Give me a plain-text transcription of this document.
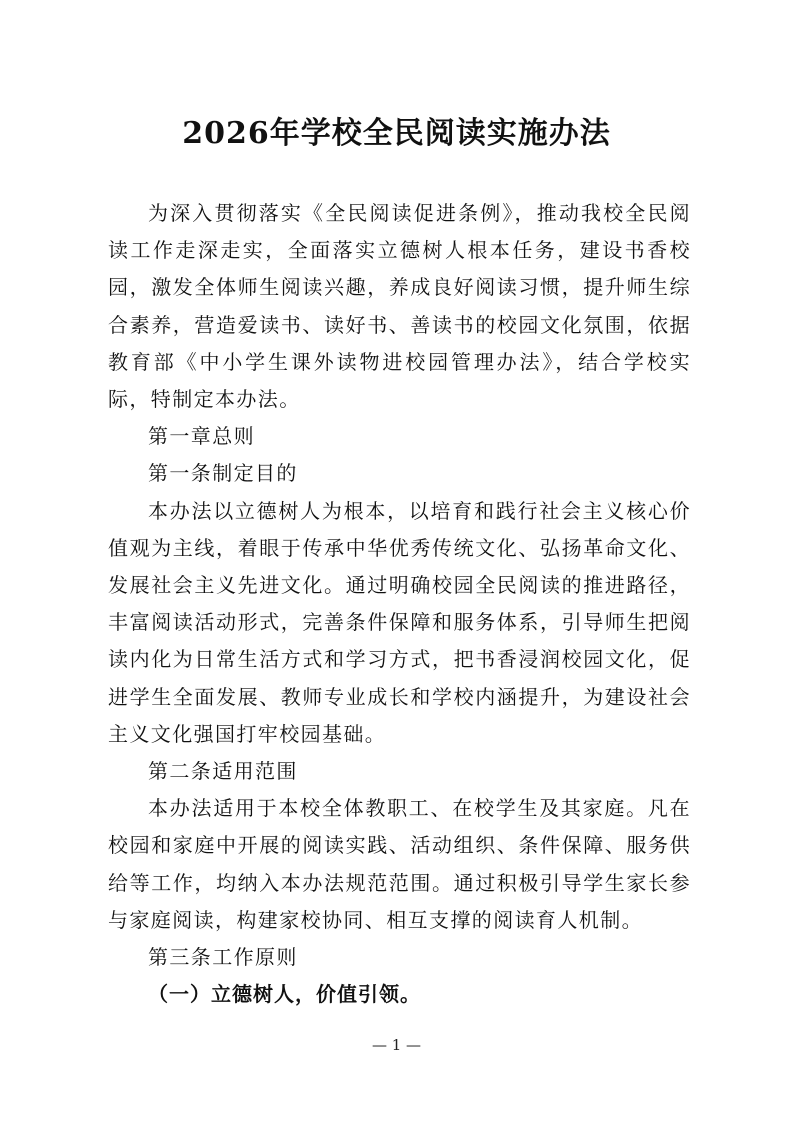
2026年学校全民阅读实施办法

为深入贯彻落实《全民阅读促进条例》，推动我校全民阅读工作走深走实，全面落实立德树人根本任务，建设书香校园，激发全体师生阅读兴趣，养成良好阅读习惯，提升师生综合素养，营造爱读书、读好书、善读书的校园文化氛围，依据教育部《中小学生课外读物进校园管理办法》，结合学校实际，特制定本办法。

第一章总则

第一条制定目的

本办法以立德树人为根本，以培育和践行社会主义核心价值观为主线，着眼于传承中华优秀传统文化、弘扬革命文化、发展社会主义先进文化。通过明确校园全民阅读的推进路径，丰富阅读活动形式，完善条件保障和服务体系，引导师生把阅读内化为日常生活方式和学习方式，把书香浸润校园文化，促进学生全面发展、教师专业成长和学校内涵提升，为建设社会主义文化强国打牢校园基础。

第二条适用范围

本办法适用于本校全体教职工、在校学生及其家庭。凡在校园和家庭中开展的阅读实践、活动组织、条件保障、服务供给等工作，均纳入本办法规范范围。通过积极引导学生家长参与家庭阅读，构建家校协同、相互支撑的阅读育人机制。

第三条工作原则

（一）立德树人，价值引领。

— 1 —
